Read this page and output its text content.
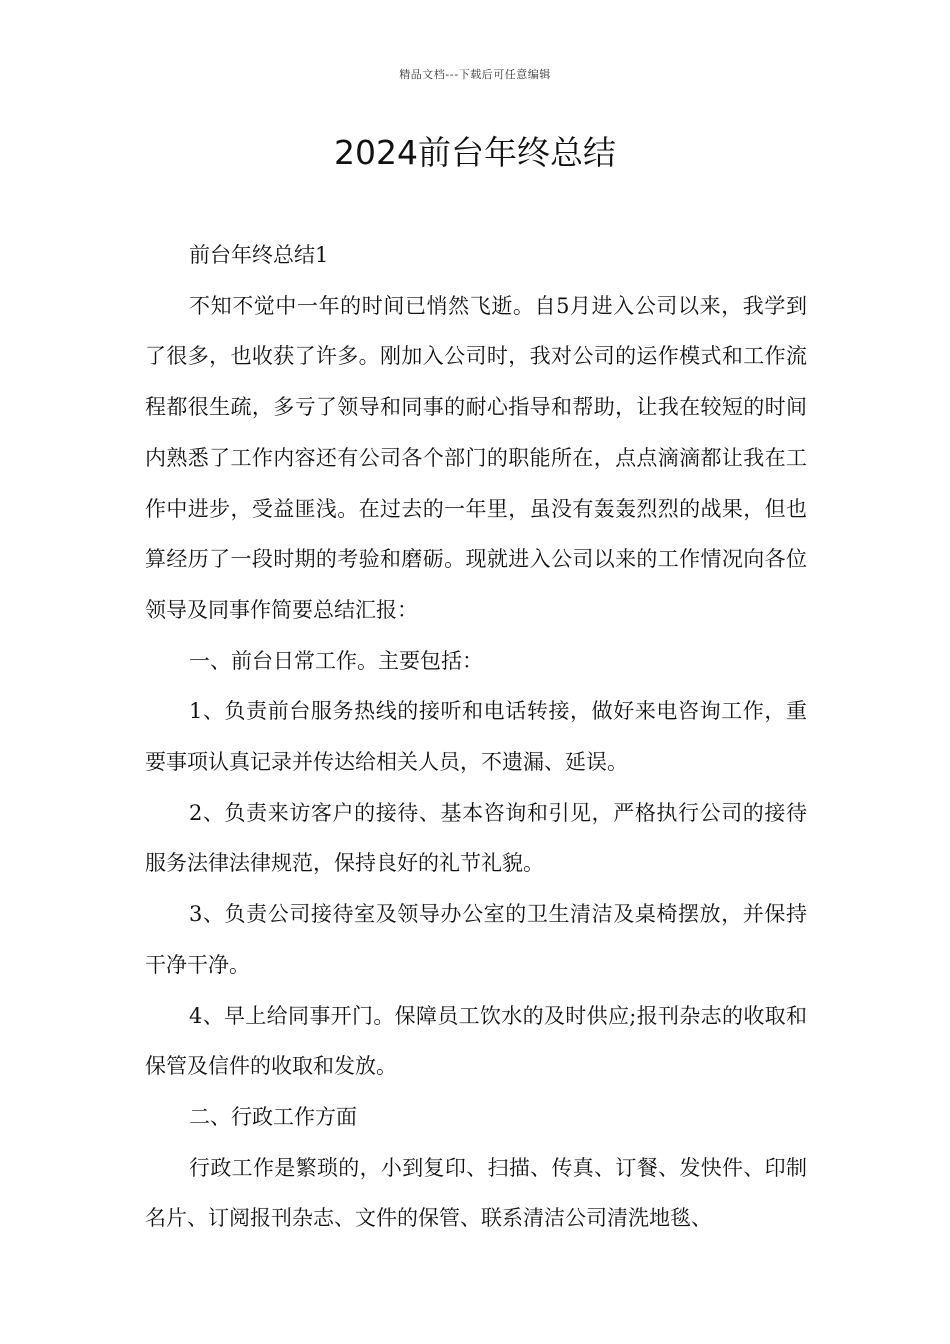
精品文档---下载后可任意编辑
2024前台年终总结

前台年终总结1

不知不觉中一年的时间已悄然飞逝。自5月进入公司以来，我学到了很多，也收获了许多。刚加入公司时，我对公司的运作模式和工作流程都很生疏，多亏了领导和同事的耐心指导和帮助，让我在较短的时间内熟悉了工作内容还有公司各个部门的职能所在，点点滴滴都让我在工作中进步，受益匪浅。在过去的一年里，虽没有轰轰烈烈的战果，但也算经历了一段时期的考验和磨砺。现就进入公司以来的工作情况向各位领导及同事作简要总结汇报：

一、前台日常工作。主要包括：

1、负责前台服务热线的接听和电话转接，做好来电咨询工作，重要事项认真记录并传达给相关人员，不遗漏、延误。

2、负责来访客户的接待、基本咨询和引见，严格执行公司的接待服务法律法律规范，保持良好的礼节礼貌。

3、负责公司接待室及领导办公室的卫生清洁及桌椅摆放，并保持干净干净。

4、早上给同事开门。保障员工饮水的及时供应;报刊杂志的收取和保管及信件的收取和发放。

二、行政工作方面

行政工作是繁琐的，小到复印、扫描、传真、订餐、发快件、印制名片、订阅报刊杂志、文件的保管、联系清洁公司清洗地毯、
